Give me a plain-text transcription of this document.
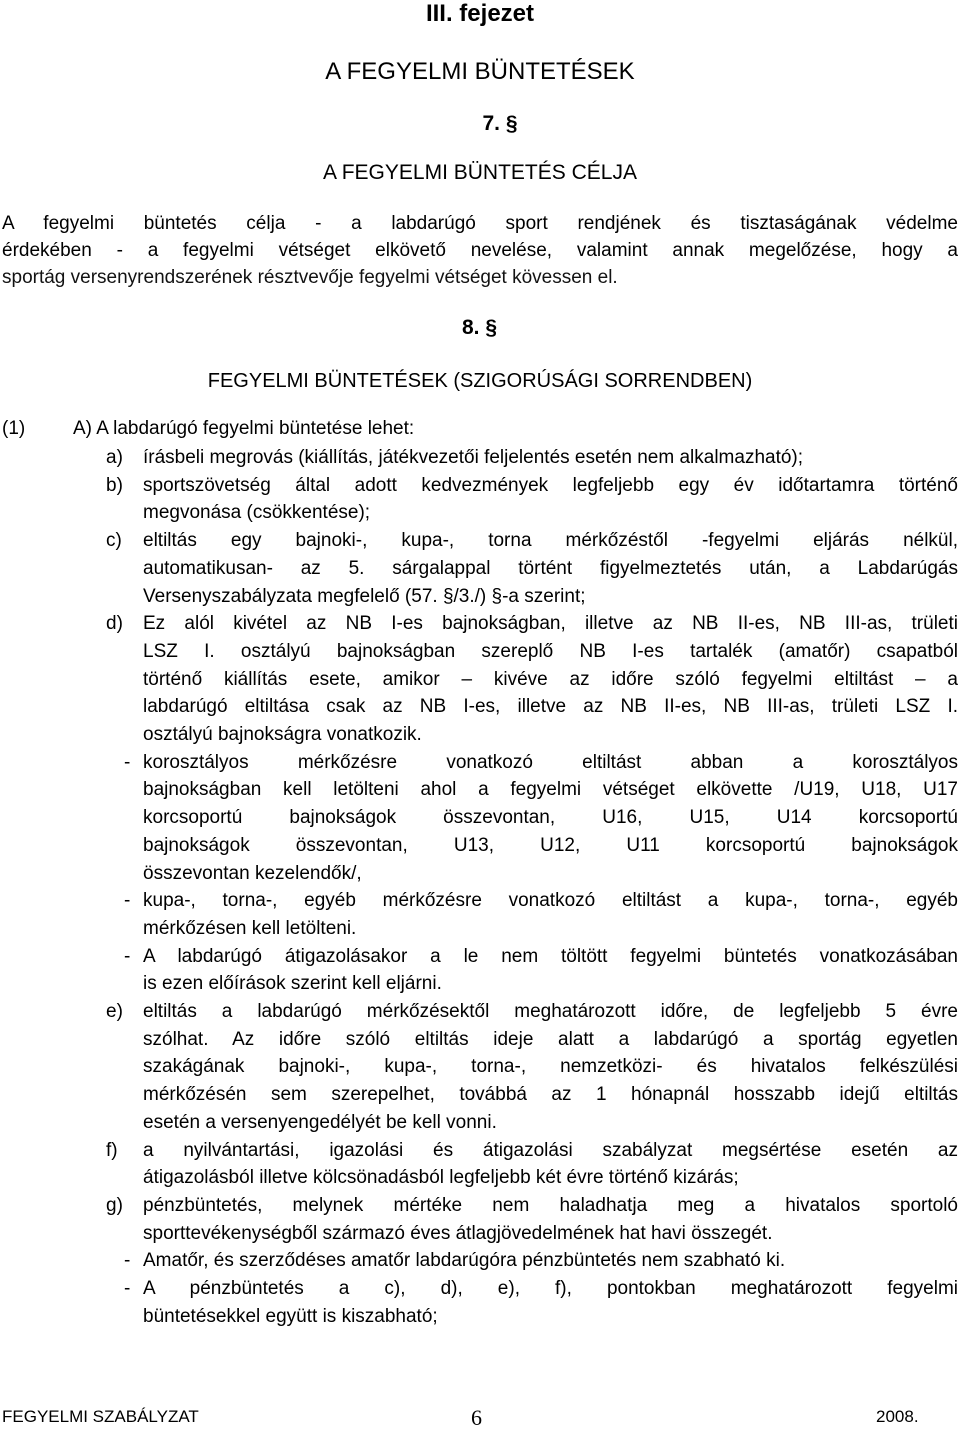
III. fejezet
A FEGYELMI BÜNTETÉSEK
7. §
A FEGYELMI BÜNTETÉS CÉLJA
A fegyelmi büntetés célja - a labdarúgó sport rendjének és tisztaságának védelme
érdekében - a fegyelmi vétséget elkövető nevelése, valamint annak megelőzése, hogy a
sportág versenyrendszerének résztvevője fegyelmi vétséget kövessen el.
8. §
FEGYELMI BÜNTETÉSEK (SZIGORÚSÁGI SORRENDBEN)
(1)	A) A labdarúgó fegyelmi büntetése lehet:
a) írásbeli megrovás (kiállítás, játékvezetői feljelentés esetén nem alkalmazható);
b) sportszövetség által adott kedvezmények legfeljebb egy év időtartamra történő
megvonása (csökkentése);
c) eltiltás egy bajnoki-, kupa-, torna mérkőzéstől -fegyelmi eljárás nélkül,
automatikusan- az 5. sárgalappal történt figyelmeztetés után, a Labdarúgás
Versenyszabályzata megfelelő (57. §/3./) §-a szerint;
d) Ez alól kivétel az NB I-es bajnokságban, illetve az NB II-es, NB III-as, trületi
LSZ I. osztályú bajnokságban szereplő NB I-es tartalék (amatőr) csapatból
történő kiállítás esete, amikor – kivéve az időre szóló fegyelmi eltiltást – a
labdarúgó eltiltása csak az NB I-es, illetve az NB II-es, NB III-as, trületi LSZ I.
osztályú bajnokságra vonatkozik.
- korosztályos mérkőzésre vonatkozó eltiltást abban a korosztályos
bajnokságban kell letölteni ahol a fegyelmi vétséget elkövette /U19, U18, U17
korcsoportú bajnokságok összevontan, U16, U15, U14 korcsoportú
bajnokságok összevontan, U13, U12, U11 korcsoportú bajnokságok
összevontan kezelendők/,
- kupa-, torna-, egyéb mérkőzésre vonatkozó eltiltást a kupa-, torna-, egyéb
mérkőzésen kell letölteni.
- A labdarúgó átigazolásakor a le nem töltött fegyelmi büntetés vonatkozásában
is ezen előírások szerint kell eljárni.
e) eltiltás a labdarúgó mérkőzésektől meghatározott időre, de legfeljebb 5 évre
szólhat. Az időre szóló eltiltás ideje alatt a labdarúgó a sportág egyetlen
szakágának bajnoki-, kupa-, torna-, nemzetközi- és hivatalos felkészülési
mérkőzésén sem szerepelhet, továbbá az 1 hónapnál hosszabb idejű eltiltás
esetén a versenyengedélyét be kell vonni.
f) a nyilvántartási, igazolási és átigazolási szabályzat megsértése esetén az
átigazolásból illetve kölcsönadásból legfeljebb két évre történő kizárás;
g) pénzbüntetés, melynek mértéke nem haladhatja meg a hivatalos sportoló
sporttevékenységből származó éves átlagjövedelmének hat havi összegét.
- Amatőr, és szerződéses amatőr labdarúgóra pénzbüntetés nem szabható ki.
- A pénzbüntetés a c), d), e), f), pontokban meghatározott fegyelmi
büntetésekkel együtt is kiszabható;
FEGYELMI SZABÁLYZAT	6	2008.
